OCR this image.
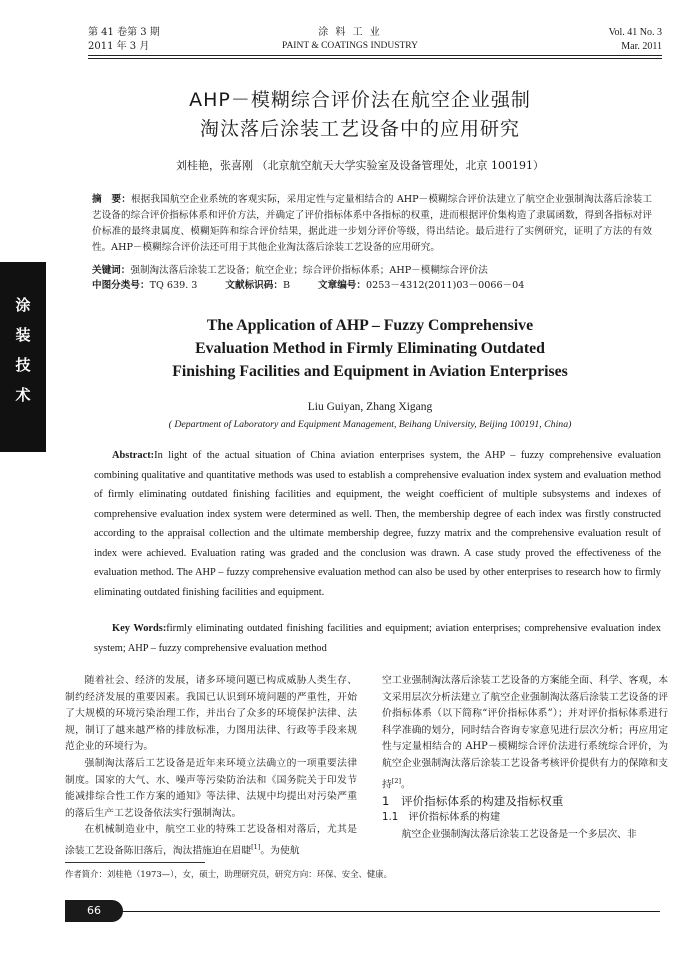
第 41 卷第 3 期
2011 年 3 月
涂 料 工 业
PAINT & COATINGS INDUSTRY
Vol. 41 No. 3
Mar. 2011
涂
装
技
术
AHP－模糊综合评价法在航空企业强制
淘汰落后涂装工艺设备中的应用研究
刘桂艳，张喜刚 （北京航空航天大学实验室及设备管理处，北京 100191）
摘　要：根据我国航空企业系统的客观实际，采用定性与定量相结合的 AHP－模糊综合评价法建立了航空企业强制淘汰落后涂装工艺设备的综合评价指标体系和评价方法，并确定了评价指标体系中各指标的权重，进而根据评价集构造了隶属函数，得到各指标对评价标准的最终隶属度、模糊矩阵和综合评价结果，据此进一步划分评价等级，得出结论。最后进行了实例研究，证明了方法的有效性。AHP－模糊综合评价法还可用于其他企业淘汰落后涂装工艺设备的应用研究。
关键词：强制淘汰落后涂装工艺设备；航空企业；综合评价指标体系；AHP－模糊综合评价法
中图分类号：TQ 639. 3	文献标识码：B	文章编号：0253－4312(2011)03－0066－04
The Application of AHP – Fuzzy Comprehensive
Evaluation Method in Firmly Eliminating Outdated
Finishing Facilities and Equipment in Aviation Enterprises
Liu Guiyan, Zhang Xigang
( Department of Laboratory and Equipment Management, Beihang University, Beijing 100191, China)
Abstract:In light of the actual situation of China aviation enterprises system, the AHP – fuzzy comprehensive evaluation combining qualitative and quantitative methods was used to establish a comprehensive evaluation index system and evaluation method of firmly eliminating outdated finishing facilities and equipment, the weight coefficient of multiple subsystems and indexes of comprehensive evaluation index system were determined as well. Then, the membership degree of each index was firstly constructed according to the appraisal collection and the ultimate membership degree, fuzzy matrix and the comprehensive evaluation result of index were achieved. Evaluation rating was graded and the conclusion was drawn. A case study proved the effectiveness of the evaluation method. The AHP – fuzzy comprehensive evaluation method can also be used by other enterprises to research how to firmly eliminating outdated finishing facilities and equipment.
Key Words:firmly eliminating outdated finishing facilities and equipment; aviation enterprises; comprehensive evaluation index system; AHP – fuzzy comprehensive evaluation method

随着社会、经济的发展，诸多环境问题已构成威胁人类生存、制约经济发展的重要因素。我国已认识到环境问题的严重性，开始了大规模的环境污染治理工作，并出台了众多的环境保护法律、法规，制订了越来越严格的排放标准，力图用法律、行政等手段来规范企业的环境行为。

强制淘汰落后工艺设备是近年来环境立法确立的一项重要法律制度。国家的大气、水、噪声等污染防治法和《国务院关于印发节能减排综合性工作方案的通知》等法律、法规中均提出对污染严重的落后生产工艺设备依法实行强制淘汰。

在机械制造业中，航空工业的特殊工艺设备相对落后，尤其是涂装工艺设备陈旧落后，淘汰措施迫在眉睫[1]。为使航

空工业强制淘汰落后涂装工艺设备的方案能全面、科学、客观，本文采用层次分析法建立了航空企业强制淘汰落后涂装工艺设备的评价指标体系（以下简称“评价指标体系”）；并对评价指标体系进行科学准确的划分，同时结合咨询专家意见进行层次分析；再应用定性与定量相结合的 AHP－模糊综合评价法进行系统综合评价，为航空企业强制淘汰落后涂装工艺设备考核评价提供有力的保障和支持[2]。

1　评价指标体系的构建及指标权重

1.1　评价指标体系的构建

航空企业强制淘汰落后涂装工艺设备是一个多层次、非

作者简介：刘桂艳（1973—），女，硕士，助理研究员，研究方向：环保、安全、健康。
66
